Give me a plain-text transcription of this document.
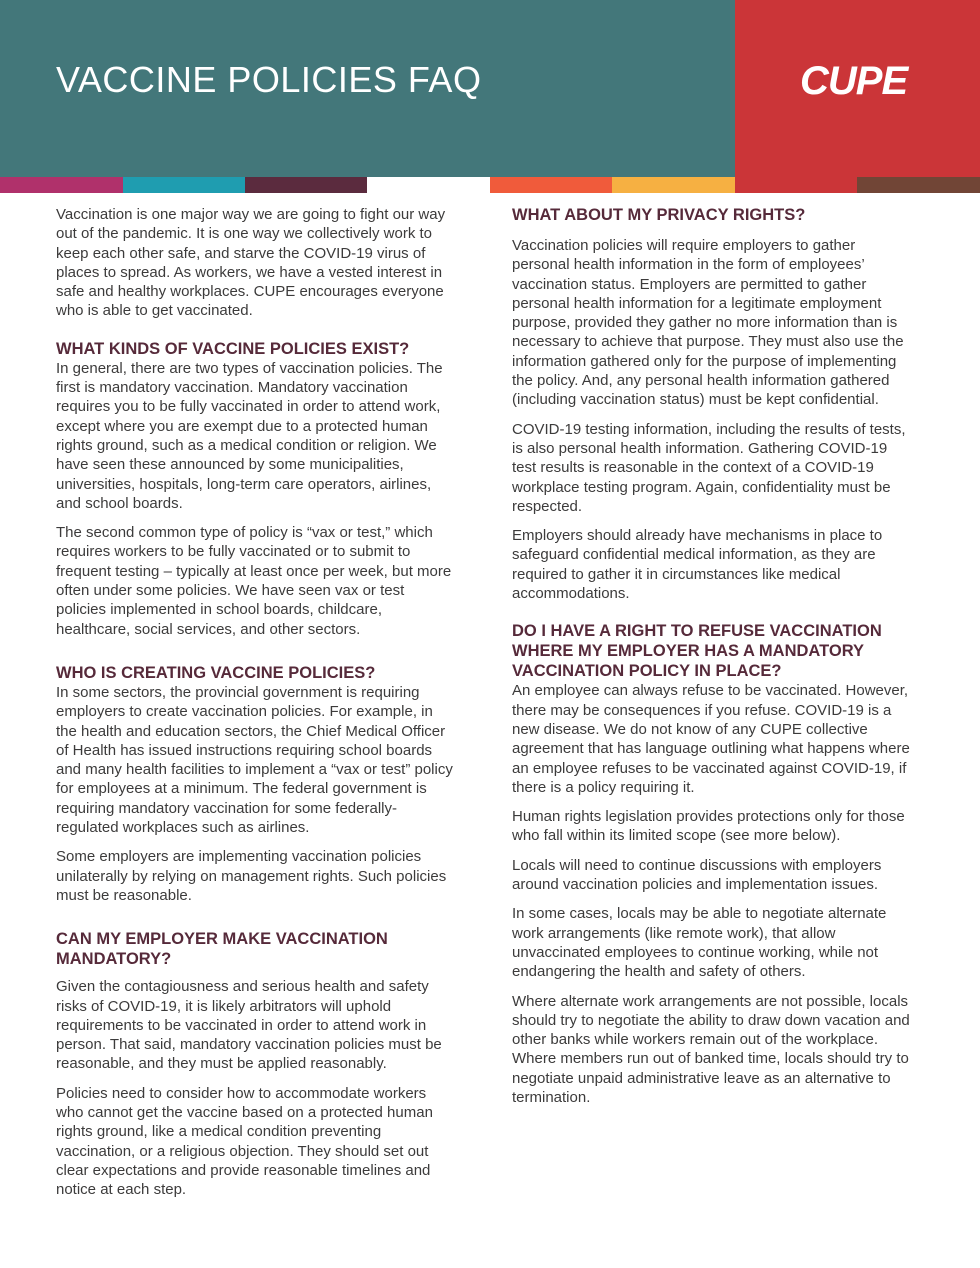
VACCINE POLICIES FAQ	CUPE

Vaccination is one major way we are going to fight our way out of the pandemic. It is one way we collectively work to keep each other safe, and starve the COVID-19 virus of places to spread. As workers, we have a vested interest in safe and healthy workplaces. CUPE encourages everyone who is able to get vaccinated.

WHAT KINDS OF VACCINE POLICIES EXIST?

In general, there are two types of vaccination policies. The first is mandatory vaccination. Mandatory vaccination requires you to be fully vaccinated in order to attend work, except where you are exempt due to a protected human rights ground, such as a medical condition or religion. We have seen these announced by some municipalities, universities, hospitals, long-term care operators, airlines, and school boards.

The second common type of policy is “vax or test,” which requires workers to be fully vaccinated or to submit to frequent testing – typically at least once per week, but more often under some policies. We have seen vax or test policies implemented in school boards, childcare, healthcare, social services, and other sectors.

WHO IS CREATING VACCINE POLICIES?

In some sectors, the provincial government is requiring employers to create vaccination policies. For example, in the health and education sectors, the Chief Medical Officer of Health has issued instructions requiring school boards and many health facilities to implement a “vax or test” policy for employees at a minimum. The federal government is requiring mandatory vaccination for some federally-regulated workplaces such as airlines.

Some employers are implementing vaccination policies unilaterally by relying on management rights. Such policies must be reasonable.

CAN MY EMPLOYER MAKE VACCINATION MANDATORY?

Given the contagiousness and serious health and safety risks of COVID-19, it is likely arbitrators will uphold requirements to be vaccinated in order to attend work in person. That said, mandatory vaccination policies must be reasonable, and they must be applied reasonably.

Policies need to consider how to accommodate workers who cannot get the vaccine based on a protected human rights ground, like a medical condition preventing vaccination, or a religious objection. They should set out clear expectations and provide reasonable timelines and notice at each step.

WHAT ABOUT MY PRIVACY RIGHTS?

Vaccination policies will require employers to gather personal health information in the form of employees’ vaccination status. Employers are permitted to gather personal health information for a legitimate employment purpose, provided they gather no more information than is necessary to achieve that purpose. They must also use the information gathered only for the purpose of implementing the policy. And, any personal health information gathered (including vaccination status) must be kept confidential.

COVID-19 testing information, including the results of tests, is also personal health information. Gathering COVID-19 test results is reasonable in the context of a COVID-19 workplace testing program. Again, confidentiality must be respected.

Employers should already have mechanisms in place to safeguard confidential medical information, as they are required to gather it in circumstances like medical accommodations.

DO I HAVE A RIGHT TO REFUSE VACCINATION WHERE MY EMPLOYER HAS A MANDATORY VACCINATION POLICY IN PLACE?

An employee can always refuse to be vaccinated. However, there may be consequences if you refuse. COVID-19 is a new disease. We do not know of any CUPE collective agreement that has language outlining what happens where an employee refuses to be vaccinated against COVID-19, if there is a policy requiring it.

Human rights legislation provides protections only for those who fall within its limited scope (see more below).

Locals will need to continue discussions with employers around vaccination policies and implementation issues.

In some cases, locals may be able to negotiate alternate work arrangements (like remote work), that allow unvaccinated employees to continue working, while not endangering the health and safety of others.

Where alternate work arrangements are not possible, locals should try to negotiate the ability to draw down vacation and other banks while workers remain out of the workplace. Where members run out of banked time, locals should try to negotiate unpaid administrative leave as an alternative to termination.
